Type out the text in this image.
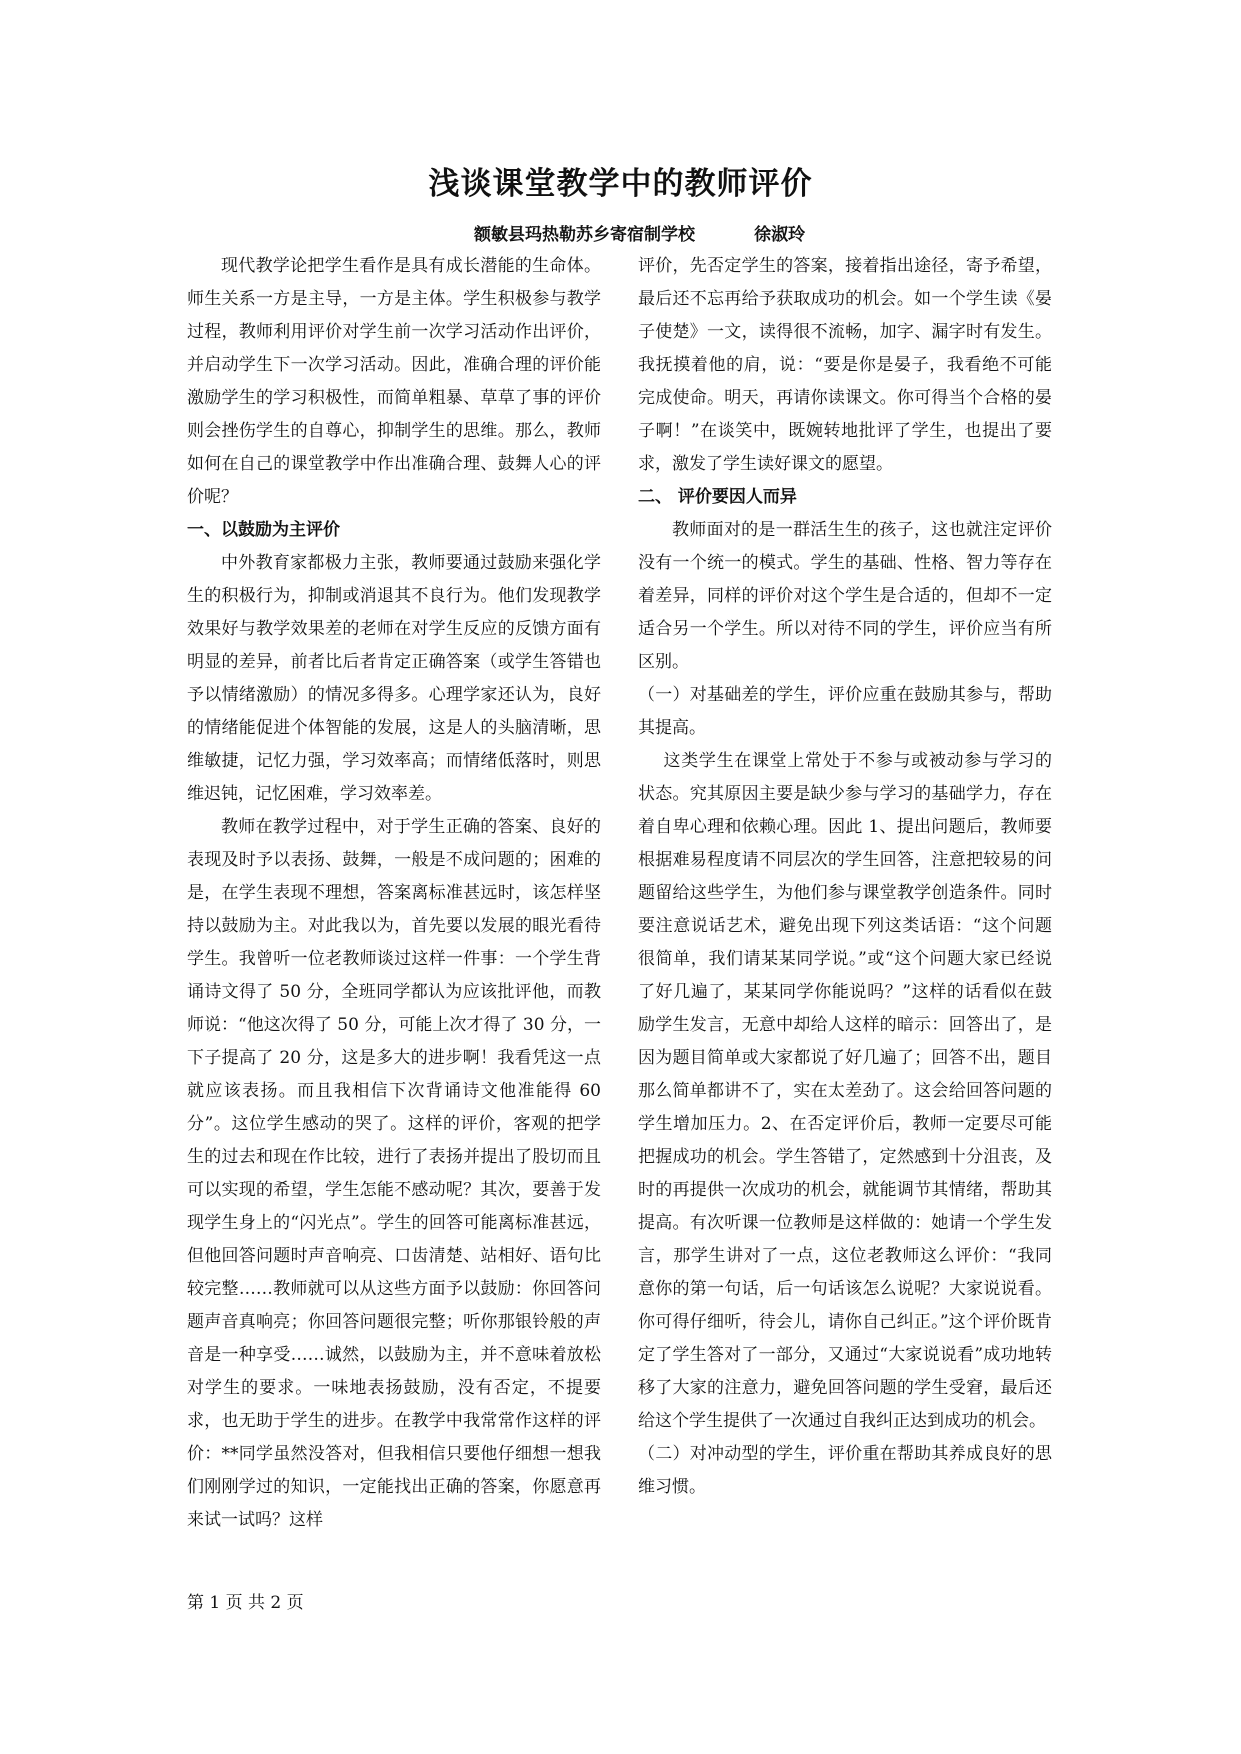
浅谈课堂教学中的教师评价
额敏县玛热勒苏乡寄宿制学校          徐淑玲

现代教学论把学生看作是具有成长潜能的生命体。师生关系一方是主导，一方是主体。学生积极参与教学过程，教师利用评价对学生前一次学习活动作出评价，并启动学生下一次学习活动。因此，准确合理的评价能激励学生的学习积极性，而简单粗暴、草草了事的评价则会挫伤学生的自尊心，抑制学生的思维。那么，教师如何在自己的课堂教学中作出准确合理、鼓舞人心的评价呢？

一、以鼓励为主评价

中外教育家都极力主张，教师要通过鼓励来强化学生的积极行为，抑制或消退其不良行为。他们发现教学效果好与教学效果差的老师在对学生反应的反馈方面有明显的差异，前者比后者肯定正确答案（或学生答错也予以情绪激励）的情况多得多。心理学家还认为，良好的情绪能促进个体智能的发展，这是人的头脑清晰，思维敏捷，记忆力强，学习效率高；而情绪低落时，则思维迟钝，记忆困难，学习效率差。

教师在教学过程中，对于学生正确的答案、良好的表现及时予以表扬、鼓舞，一般是不成问题的；困难的是，在学生表现不理想，答案离标准甚远时，该怎样坚持以鼓励为主。对此我以为，首先要以发展的眼光看待学生。我曾听一位老教师谈过这样一件事：一个学生背诵诗文得了 50 分，全班同学都认为应该批评他，而教师说：“他这次得了 50 分，可能上次才得了 30 分，一下子提高了 20 分，这是多大的进步啊！我看凭这一点就应该表扬。而且我相信下次背诵诗文他准能得 60 分”。这位学生感动的哭了。这样的评价，客观的把学生的过去和现在作比较，进行了表扬并提出了股切而且可以实现的希望，学生怎能不感动呢？其次，要善于发现学生身上的“闪光点”。学生的回答可能离标准甚远，但他回答问题时声音响亮、口齿清楚、站相好、语句比较完整……教师就可以从这些方面予以鼓励：你回答问题声音真响亮；你回答问题很完整；听你那银铃般的声音是一种享受……诚然，以鼓励为主，并不意味着放松对学生的要求。一味地表扬鼓励，没有否定，不提要求，也无助于学生的进步。在教学中我常常作这样的评价：**同学虽然没答对，但我相信只要他仔细想一想我们刚刚学过的知识，一定能找出正确的答案，你愿意再来试一试吗？这样

评价，先否定学生的答案，接着指出途径，寄予希望，最后还不忘再给予获取成功的机会。如一个学生读《晏子使楚》一文，读得很不流畅，加字、漏字时有发生。我抚摸着他的肩，说：“要是你是晏子，我看绝不可能完成使命。明天，再请你读课文。你可得当个合格的晏子啊！”在谈笑中，既婉转地批评了学生，也提出了要求，激发了学生读好课文的愿望。

二、 评价要因人而异

教师面对的是一群活生生的孩子，这也就注定评价没有一个统一的模式。学生的基础、性格、智力等存在着差异，同样的评价对这个学生是合适的，但却不一定适合另一个学生。所以对待不同的学生，评价应当有所区别。

（一）对基础差的学生，评价应重在鼓励其参与，帮助其提高。

这类学生在课堂上常处于不参与或被动参与学习的状态。究其原因主要是缺少参与学习的基础学力，存在着自卑心理和依赖心理。因此 1、提出问题后，教师要根据难易程度请不同层次的学生回答，注意把较易的问题留给这些学生，为他们参与课堂教学创造条件。同时要注意说话艺术，避免出现下列这类话语：“这个问题很简单，我们请某某同学说。”或“这个问题大家已经说了好几遍了，某某同学你能说吗？”这样的话看似在鼓励学生发言，无意中却给人这样的暗示：回答出了，是因为题目简单或大家都说了好几遍了；回答不出，题目那么简单都讲不了，实在太差劲了。这会给回答问题的学生增加压力。2、在否定评价后，教师一定要尽可能把握成功的机会。学生答错了，定然感到十分沮丧，及时的再提供一次成功的机会，就能调节其情绪，帮助其提高。有次听课一位教师是这样做的：她请一个学生发言，那学生讲对了一点，这位老教师这么评价：“我同意你的第一句话，后一句话该怎么说呢？大家说说看。你可得仔细听，待会儿，请你自己纠正。”这个评价既肯定了学生答对了一部分，又通过“大家说说看”成功地转移了大家的注意力，避免回答问题的学生受窘，最后还给这个学生提供了一次通过自我纠正达到成功的机会。

（二）对冲动型的学生，评价重在帮助其养成良好的思维习惯。

第 1 页 共 2 页
